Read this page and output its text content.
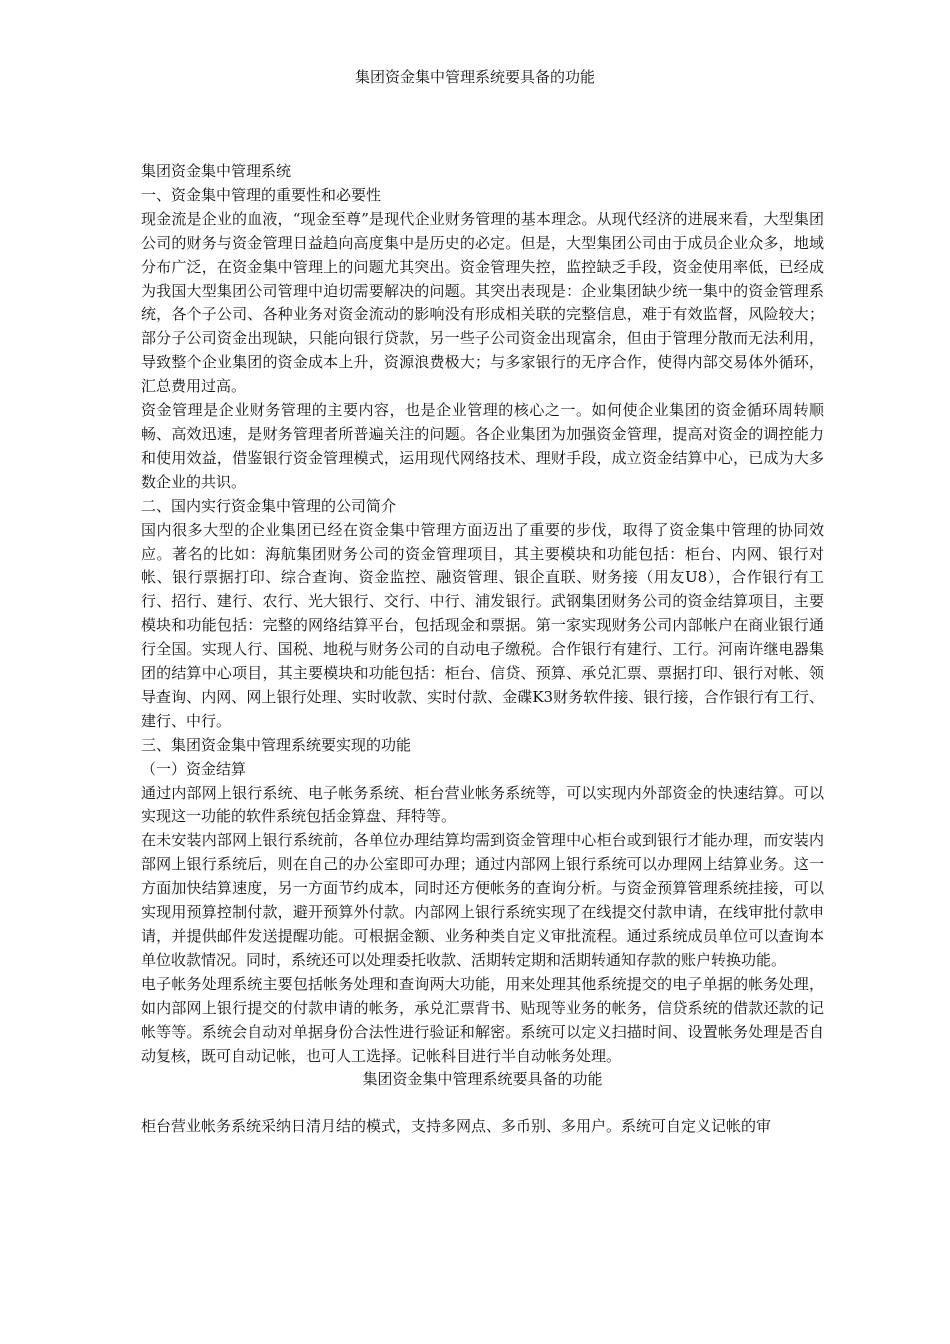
集团资金集中管理系统要具备的功能

集团资金集中管理系统

一、资金集中管理的重要性和必要性

现金流是企业的血液，“现金至尊”是现代企业财务管理的基本理念。从现代经济的进展来看，大型集团公司的财务与资金管理日益趋向高度集中是历史的必定。但是，大型集团公司由于成员企业众多，地域分布广泛，在资金集中管理上的问题尤其突出。资金管理失控，监控缺乏手段，资金使用率低，已经成为我国大型集团公司管理中迫切需要解决的问题。其突出表现是：企业集团缺少统一集中的资金管理系统，各个子公司、各种业务对资金流动的影响没有形成相关联的完整信息，难于有效监督，风险较大；部分子公司资金出现缺，只能向银行贷款，另一些子公司资金出现富余，但由于管理分散而无法利用，导致整个企业集团的资金成本上升，资源浪费极大；与多家银行的无序合作，使得内部交易体外循环，汇总费用过高。

资金管理是企业财务管理的主要内容，也是企业管理的核心之一。如何使企业集团的资金循环周转顺畅、高效迅速，是财务管理者所普遍关注的问题。各企业集团为加强资金管理，提高对资金的调控能力和使用效益，借鉴银行资金管理模式，运用现代网络技术、理财手段，成立资金结算中心，已成为大多数企业的共识。

二、国内实行资金集中管理的公司简介

国内很多大型的企业集团已经在资金集中管理方面迈出了重要的步伐，取得了资金集中管理的协同效应。著名的比如：海航集团财务公司的资金管理项目，其主要模块和功能包括：柜台、内网、银行对帐、银行票据打印、综合查询、资金监控、融资管理、银企直联、财务接（用友U8），合作银行有工行、招行、建行、农行、光大银行、交行、中行、浦发银行。武钢集团财务公司的资金结算项目，主要模块和功能包括：完整的网络结算平台，包括现金和票据。第一家实现财务公司内部帐户在商业银行通行全国。实现人行、国税、地税与财务公司的自动电子缴税。合作银行有建行、工行。河南许继电器集团的结算中心项目，其主要模块和功能包括：柜台、信贷、预算、承兑汇票、票据打印、银行对帐、领导查询、内网、网上银行处理、实时收款、实时付款、金碟K3财务软件接、银行接，合作银行有工行、建行、中行。

三、集团资金集中管理系统要实现的功能

（一）资金结算

通过内部网上银行系统、电子帐务系统、柜台营业帐务系统等，可以实现内外部资金的快速结算。可以实现这一功能的软件系统包括金算盘、拜特等。

在未安装内部网上银行系统前，各单位办理结算均需到资金管理中心柜台或到银行才能办理，而安装内部网上银行系统后，则在自己的办公室即可办理；通过内部网上银行系统可以办理网上结算业务。这一方面加快结算速度，另一方面节约成本，同时还方便帐务的查询分析。与资金预算管理系统挂接，可以实现用预算控制付款，避开预算外付款。内部网上银行系统实现了在线提交付款申请，在线审批付款申请，并提供邮件发送提醒功能。可根据金额、业务种类自定义审批流程。通过系统成员单位可以查询本单位收款情况。同时，系统还可以处理委托收款、活期转定期和活期转通知存款的账户转换功能。

电子帐务处理系统主要包括帐务处理和查询两大功能，用来处理其他系统提交的电子单据的帐务处理，如内部网上银行提交的付款申请的帐务，承兑汇票背书、贴现等业务的帐务，信贷系统的借款还款的记帐等等。系统会自动对单据身份合法性进行验证和解密。系统可以定义扫描时间、设置帐务处理是否自动复核，既可自动记帐，也可人工选择。记帐科目进行半自动帐务处理。

集团资金集中管理系统要具备的功能

柜台营业帐务系统采纳日清月结的模式，支持多网点、多币别、多用户。系统可自定义记帐的审
